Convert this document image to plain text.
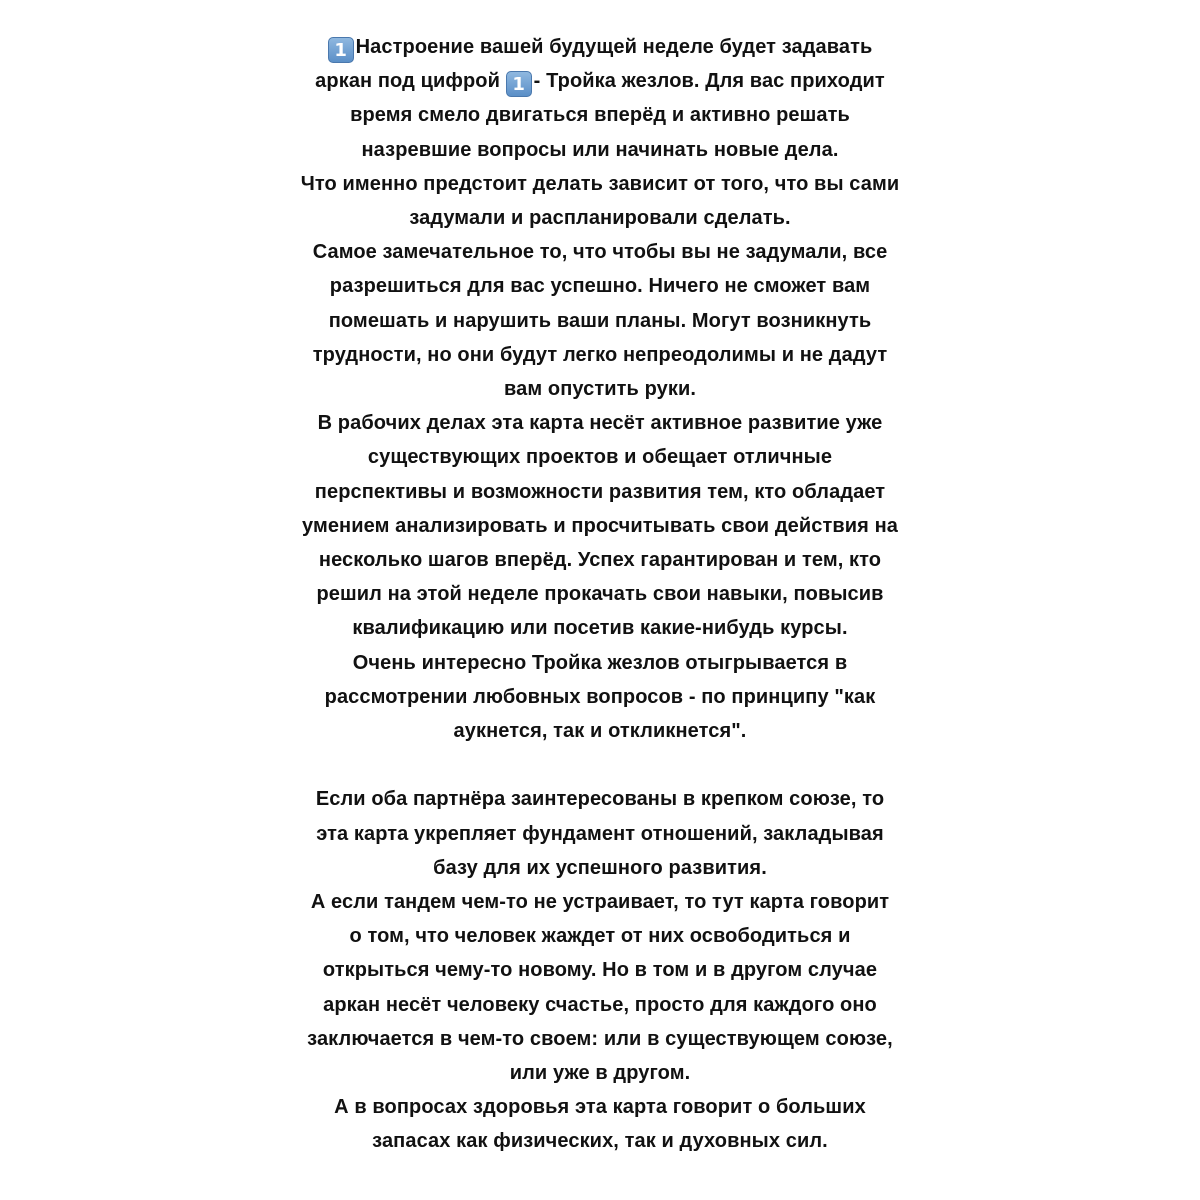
1 Настроение вашей будущей неделе будет задавать
аркан под цифрой 1 - Тройка жезлов. Для вас приходит
время смело двигаться вперёд и активно решать
назревшие вопросы или начинать новые дела.
Что именно предстоит делать зависит от того, что вы сами
задумали и распланировали сделать.
Самое замечательное то, что чтобы вы не задумали, все
разрешиться для вас успешно. Ничего не сможет вам
помешать и нарушить ваши планы. Могут возникнуть
трудности, но они будут легко непреодолимы и не дадут
вам опустить руки.
В рабочих делах эта карта несёт активное развитие уже
существующих проектов и обещает отличные
перспективы и возможности развития тем, кто обладает
умением анализировать и просчитывать свои действия на
несколько шагов вперёд. Успех гарантирован и тем, кто
решил на этой неделе прокачать свои навыки, повысив
квалификацию или посетив какие-нибудь курсы.
Очень интересно Тройка жезлов отыгрывается в
рассмотрении любовных вопросов - по принципу "как
аукнется, так и откликнется".
Если оба партнёра заинтересованы в крепком союзе, то
эта карта укрепляет фундамент отношений, закладывая
базу для их успешного развития.
А если тандем чем-то не устраивает, то тут карта говорит
о том, что человек жаждет от них освободиться и
открыться чему-то новому. Но в том и в другом случае
аркан несёт человеку счастье, просто для каждого оно
заключается в чем-то своем: или в существующем союзе,
или уже в другом.
А в вопросах здоровья эта карта говорит о больших
запасах как физических, так и духовных сил.
